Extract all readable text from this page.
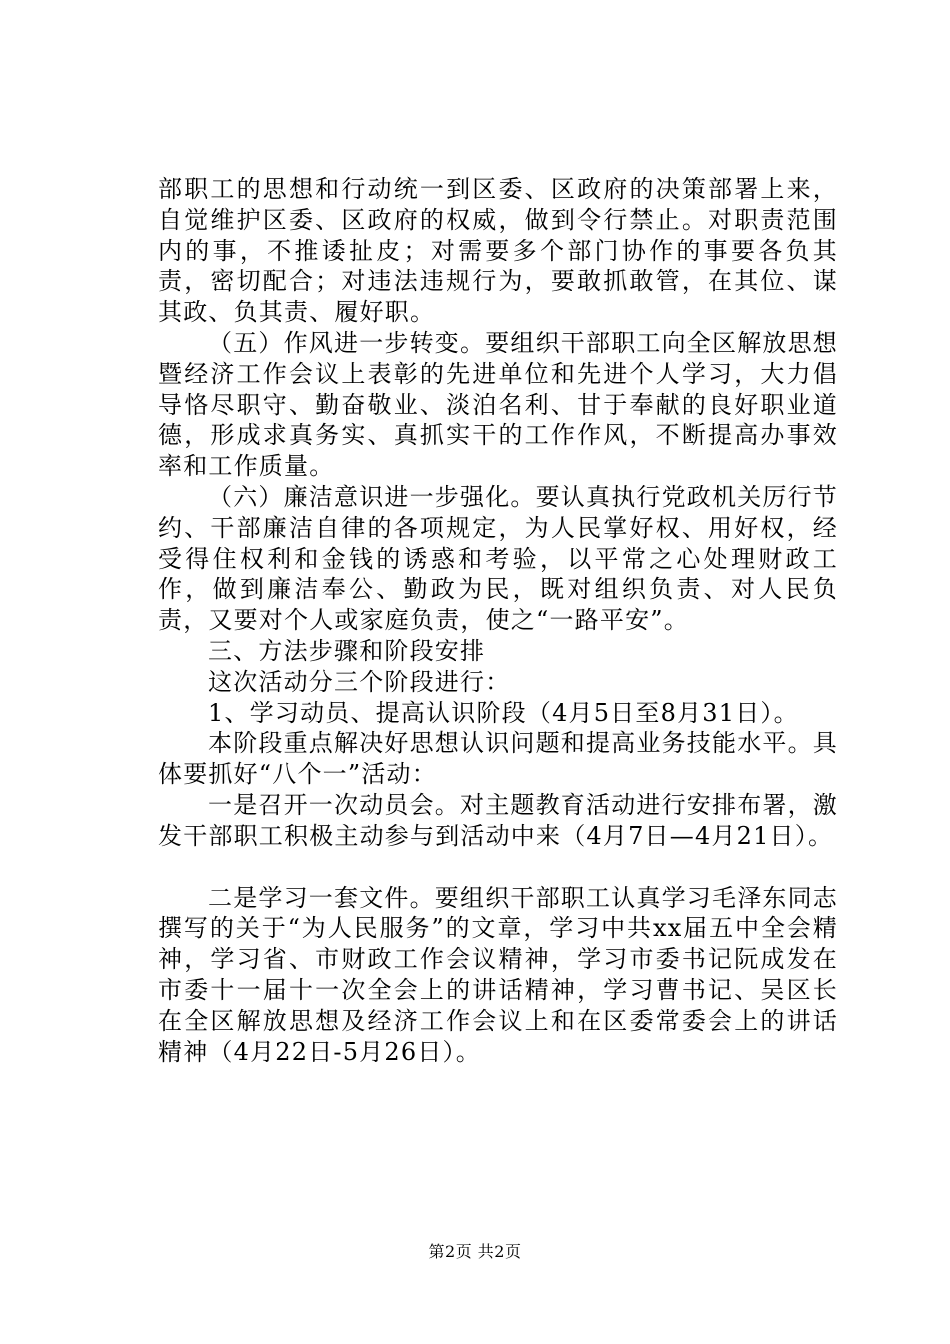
部职工的思想和行动统一到区委、区政府的决策部署上来，自觉维护区委、区政府的权威，做到令行禁止。对职责范围内的事，不推诿扯皮；对需要多个部门协作的事要各负其责，密切配合；对违法违规行为，要敢抓敢管，在其位、谋其政、负其责、履好职。

（五）作风进一步转变。要组织干部职工向全区解放思想暨经济工作会议上表彰的先进单位和先进个人学习，大力倡导恪尽职守、勤奋敬业、淡泊名利、甘于奉献的良好职业道德，形成求真务实、真抓实干的工作作风，不断提高办事效率和工作质量。

（六）廉洁意识进一步强化。要认真执行党政机关厉行节约、干部廉洁自律的各项规定，为人民掌好权、用好权，经受得住权利和金钱的诱惑和考验，以平常之心处理财政工作，做到廉洁奉公、勤政为民，既对组织负责、对人民负责，又要对个人或家庭负责，使之“一路平安”。

三、方法步骤和阶段安排

这次活动分三个阶段进行：

1、学习动员、提高认识阶段（4月5日至8月31日）。

本阶段重点解决好思想认识问题和提高业务技能水平。具体要抓好“八个一”活动：

一是召开一次动员会。对主题教育活动进行安排布署，激发干部职工积极主动参与到活动中来（4月7日—4月21日）。

二是学习一套文件。要组织干部职工认真学习毛泽东同志撰写的关于“为人民服务”的文章，学习中共xx届五中全会精神，学习省、市财政工作会议精神，学习市委书记阮成发在市委十一届十一次全会上的讲话精神，学习曹书记、吴区长在全区解放思想及经济工作会议上和在区委常委会上的讲话精神（4月22日-5月26日）。

第2页 共2页
